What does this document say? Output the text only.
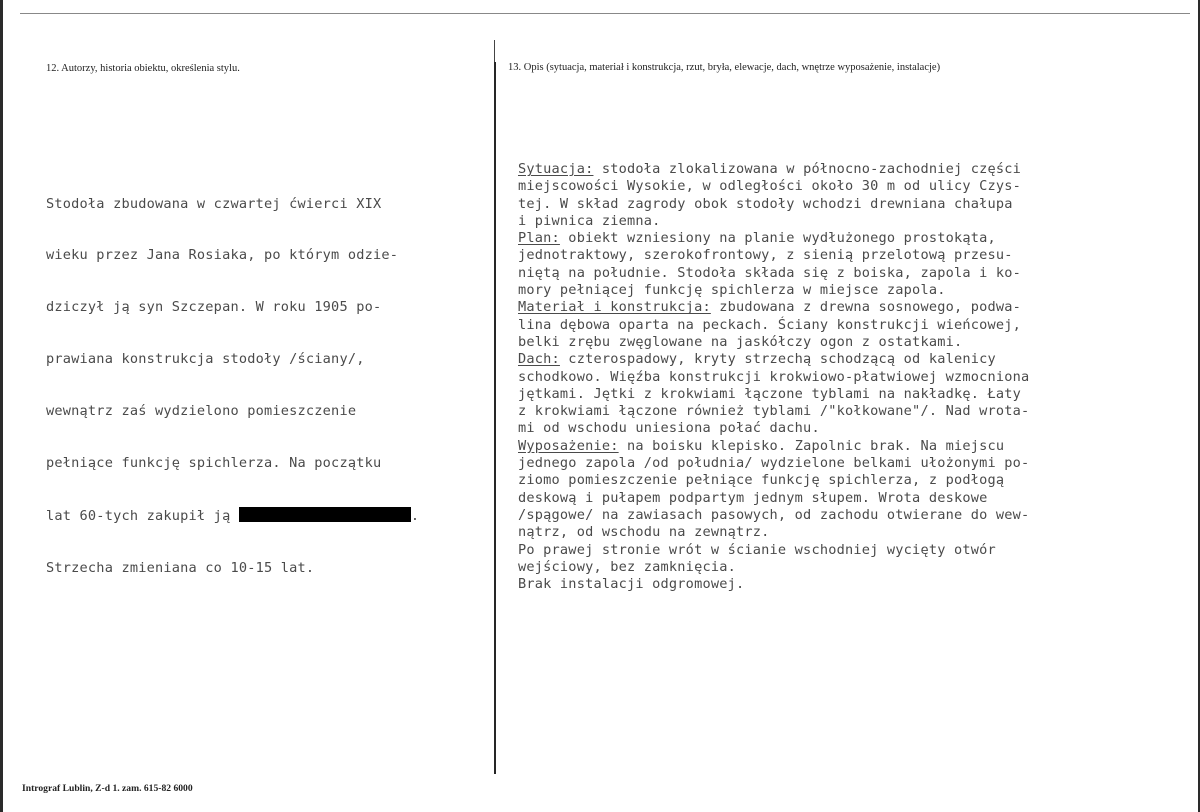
12. Autorzy, historia obiektu, określenia stylu.	13. Opis (sytuacja, materiał i konstrukcja, rzut, bryła, elewacje, dach, wnętrze wyposażenie, instalacje)

Stodoła zbudowana w czwartej ćwierci XIX

wieku przez Jana Rosiaka, po którym odzie-

dziczył ją syn Szczepan. W roku 1905 po-

prawiana konstrukcja stodoły /ściany/,

wewnątrz zaś wydzielono pomieszczenie

pełniące funkcję spichlerza. Na początku

lat 60-tych zakupił ją	.

Strzecha zmieniana co 10-15 lat.

Sytuacja: stodoła zlokalizowana w północno-zachodniej części
miejscowości Wysokie, w odległości około 30 m od ulicy Czys-
tej. W skład zagrody obok stodoły wchodzi drewniana chałupa
i piwnica ziemna.
Plan: obiekt wzniesiony na planie wydłużonego prostokąta,
jednotraktowy, szerokofrontowy, z sienią przelotową przesu-
niętą na południe. Stodoła składa się z boiska, zapola i ko-
mory pełniącej funkcję spichlerza w miejsce zapola.
Materiał i konstrukcja: zbudowana z drewna sosnowego, podwa-
lina dębowa oparta na peckach. Ściany konstrukcji wieńcowej,
belki zrębu zwęglowane na jaskółczy ogon z ostatkami.
Dach: czterospadowy, kryty strzechą schodzącą od kalenicy
schodkowo. Więźba konstrukcji krokwiowo-płatwiowej wzmocniona
jętkami. Jętki z krokwiami łączone tyblami na nakładkę. Łaty
z krokwiami łączone również tyblami /"kołkowane"/. Nad wrota-
mi od wschodu uniesiona połać dachu.
Wyposażenie: na boisku klepisko. Zapolnic brak. Na miejscu
jednego zapola /od południa/ wydzielone belkami ułożonymi po-
ziomo pomieszczenie pełniące funkcję spichlerza, z podłogą
deskową i pułapem podpartym jednym słupem. Wrota deskowe
/spągowe/ na zawiasach pasowych, od zachodu otwierane do wew-
nątrz, od wschodu na zewnątrz.
Po prawej stronie wrót w ścianie wschodniej wycięty otwór
wejściowy, bez zamknięcia.
Brak instalacji odgromowej.
Intrograf Lublin, Z-d 1. zam. 615-82 6000
